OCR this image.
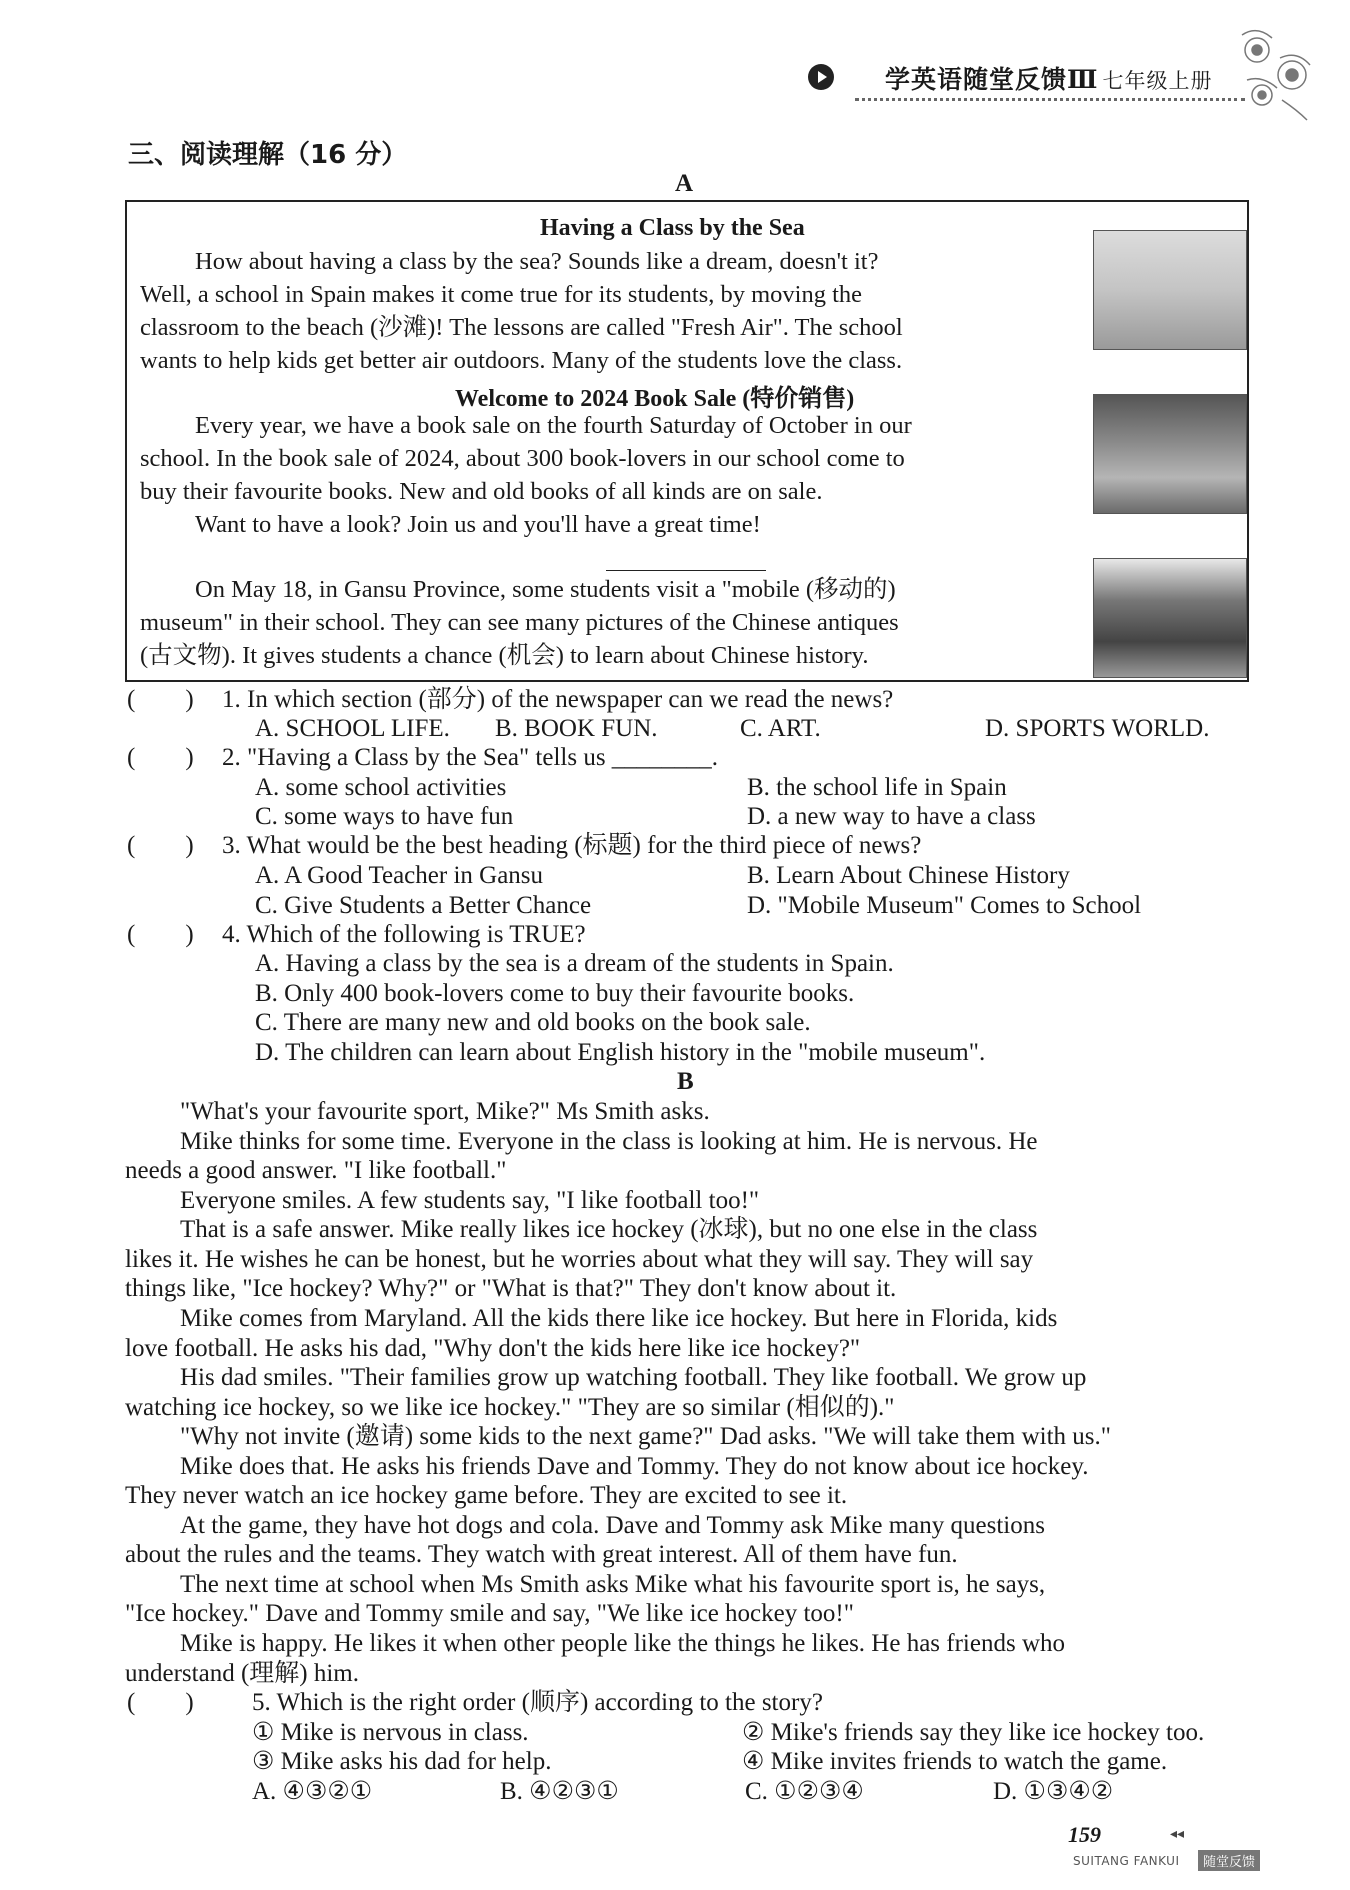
学英语随堂反馈Ⅲ 七年级上册
三、阅读理解（16 分）
A
Having a Class by the Sea
How about having a class by the sea? Sounds like a dream, doesn't it?
Well, a school in Spain makes it come true for its students, by moving the
classroom to the beach (沙滩)! The lessons are called "Fresh Air". The school
wants to help kids get better air outdoors. Many of the students love the class.
Welcome to 2024 Book Sale (特价销售)
Every year, we have a book sale on the fourth Saturday of October in our
school. In the book sale of 2024, about 300 book-lovers in our school come to
buy their favourite books. New and old books of all kinds are on sale.
Want to have a look? Join us and you'll have a great time!
On May 18, in Gansu Province, some students visit a "mobile (移动的)
museum" in their school. They can see many pictures of the Chinese antiques
(古文物). It gives students a chance (机会) to learn about Chinese history.
(　　) 1. In which section (部分) of the newspaper can we read the news?
A. SCHOOL LIFE. B. BOOK FUN.	C. ART.	D. SPORTS WORLD.
(　　) 2. "Having a Class by the Sea" tells us ________.
A. some school activities	B. the school life in Spain
C. some ways to have fun	D. a new way to have a class
(　　) 3. What would be the best heading (标题) for the third piece of news?
A. A Good Teacher in Gansu	B. Learn About Chinese History
C. Give Students a Better Chance	D. "Mobile Museum" Comes to School
(　　) 4. Which of the following is TRUE?
A. Having a class by the sea is a dream of the students in Spain.
B. Only 400 book-lovers come to buy their favourite books.
C. There are many new and old books on the book sale.
D. The children can learn about English history in the "mobile museum".
B
"What's your favourite sport, Mike?" Ms Smith asks.
Mike thinks for some time. Everyone in the class is looking at him. He is nervous. He
needs a good answer. "I like football."
Everyone smiles. A few students say, "I like football too!"
That is a safe answer. Mike really likes ice hockey (冰球), but no one else in the class
likes it. He wishes he can be honest, but he worries about what they will say. They will say
things like, "Ice hockey? Why?" or "What is that?" They don't know about it.
Mike comes from Maryland. All the kids there like ice hockey. But here in Florida, kids
love football. He asks his dad, "Why don't the kids here like ice hockey?"
His dad smiles. "Their families grow up watching football. They like football. We grow up
watching ice hockey, so we like ice hockey." "They are so similar (相似的)."
"Why not invite (邀请) some kids to the next game?" Dad asks. "We will take them with us."
Mike does that. He asks his friends Dave and Tommy. They do not know about ice hockey.
They never watch an ice hockey game before. They are excited to see it.
At the game, they have hot dogs and cola. Dave and Tommy ask Mike many questions
about the rules and the teams. They watch with great interest. All of them have fun.
The next time at school when Ms Smith asks Mike what his favourite sport is, he says,
"Ice hockey." Dave and Tommy smile and say, "We like ice hockey too!"
Mike is happy. He likes it when other people like the things he likes. He has friends who
understand (理解) him.
(　　) 5. Which is the right order (顺序) according to the story?
① Mike is nervous in class.	② Mike's friends say they like ice hockey too.
③ Mike asks his dad for help.	④ Mike invites friends to watch the game.
A. ④③②①	B. ④②③①	C. ①②③④	D. ①③④②
159	◂◂
SUITANG FANKUI	随堂反馈
